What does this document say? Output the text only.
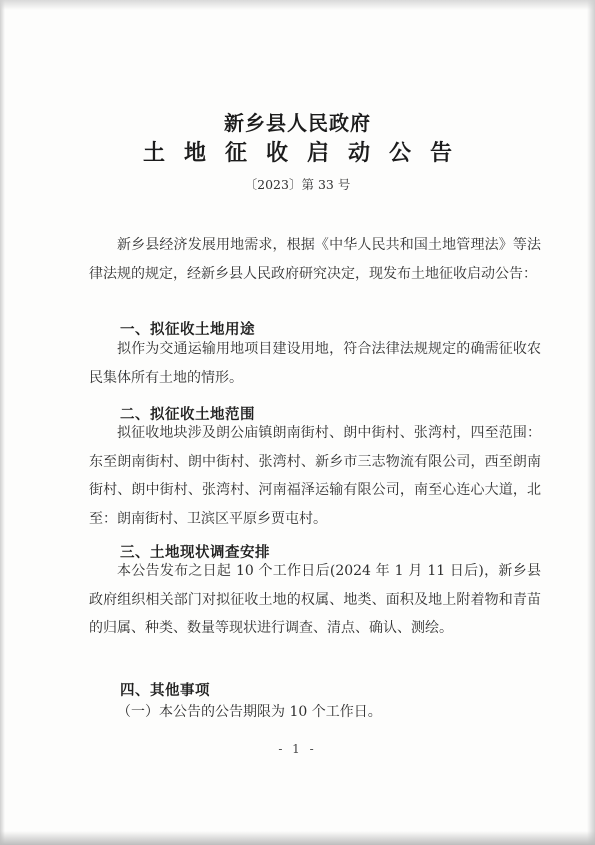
新乡县人民政府
土地征收启动公告
〔2023〕第 33 号

新乡县经济发展用地需求，根据《中华人民共和国土地管理法》等法律法规的规定，经新乡县人民政府研究决定，现发布土地征收启动公告：

一、拟征收土地用途

拟作为交通运输用地项目建设用地，符合法律法规规定的确需征收农民集体所有土地的情形。

二、拟征收土地范围

拟征收地块涉及朗公庙镇朗南街村、朗中街村、张湾村，四至范围：东至朗南街村、朗中街村、张湾村、新乡市三志物流有限公司，西至朗南街村、朗中街村、张湾村、河南福泽运输有限公司，南至心连心大道，北至：朗南街村、卫滨区平原乡贾屯村。

三、土地现状调查安排

本公告发布之日起 10 个工作日后(2024 年 1 月 11 日后)，新乡县政府组织相关部门对拟征收土地的权属、地类、面积及地上附着物和青苗的归属、种类、数量等现状进行调查、清点、确认、测绘。

四、其他事项

（一）本公告的公告期限为 10 个工作日。

- 1 -
